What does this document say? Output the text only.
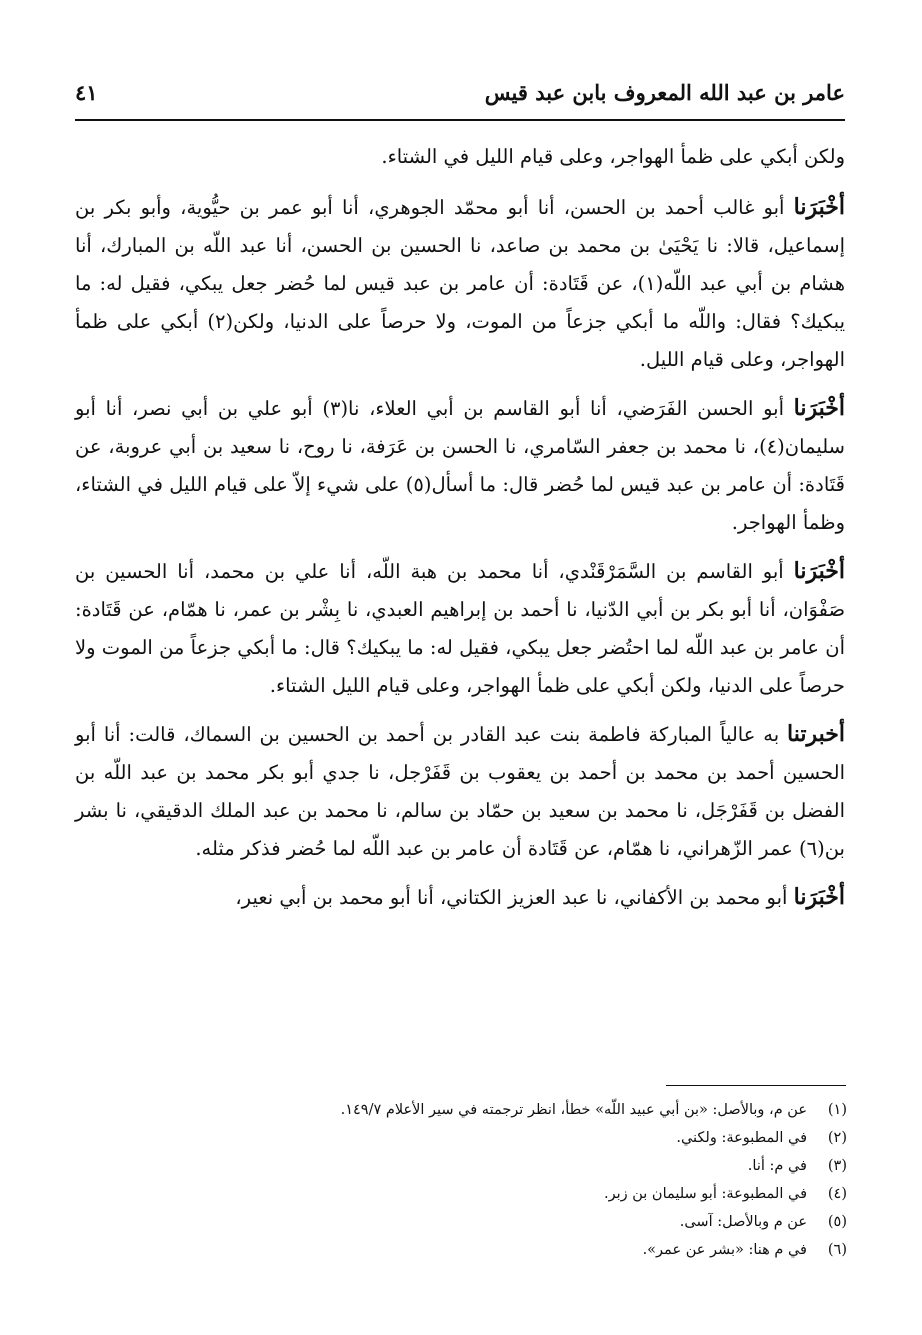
عامر بن عبد الله المعروف بابن عبد قيس
٤١

ولكن أبكي على ظمأ الهواجر، وعلى قيام الليل في الشتاء.

أخْبَرَنا أبو غالب أحمد بن الحسن، أنا أبو محمّد الجوهري، أنا أبو عمر بن حيُّوية، وأبو بكر بن إسماعيل، قالا: نا يَحْيَىٰ بن محمد بن صاعد، نا الحسين بن الحسن، أنا عبد اللّه بن المبارك، أنا هشام بن أبي عبد اللّه(١)، عن قَتَادة: أن عامر بن عبد قيس لما حُضر جعل يبكي، فقيل له: ما يبكيك؟ فقال: واللّه ما أبكي جزعاً من الموت، ولا حرصاً على الدنيا، ولكن(٢) أبكي على ظمأ الهواجر، وعلى قيام الليل.

أخْبَرَنا أبو الحسن الفَرَضي، أنا أبو القاسم بن أبي العلاء، نا(٣) أبو علي بن أبي نصر، أنا أبو سليمان(٤)، نا محمد بن جعفر السّامري، نا الحسن بن عَرَفة، نا روح، نا سعيد بن أبي عروبة، عن قَتَادة: أن عامر بن عبد قيس لما حُضر قال: ما أسأل(٥) على شيء إلاّ على قيام الليل في الشتاء، وظمأ الهواجر.

أخْبَرَنا أبو القاسم بن السَّمَرْقَنْدي، أنا محمد بن هبة اللّه، أنا علي بن محمد، أنا الحسين بن صَفْوَان، أنا أبو بكر بن أبي الدّنيا، نا أحمد بن إبراهيم العبدي، نا بِشْر بن عمر، نا همّام، عن قَتَادة: أن عامر بن عبد اللّه لما احتُضر جعل يبكي، فقيل له: ما يبكيك؟ قال: ما أبكي جزعاً من الموت ولا حرصاً على الدنيا، ولكن أبكي على ظمأ الهواجر، وعلى قيام الليل الشتاء.

أخبرتنا به عالياً المباركة فاطمة بنت عبد القادر بن أحمد بن الحسين بن السماك، قالت: أنا أبو الحسين أحمد بن محمد بن أحمد بن يعقوب بن قَفَرْجل، نا جدي أبو بكر محمد بن عبد اللّه بن الفضل بن قَفَرْجَل، نا محمد بن سعيد بن حمّاد بن سالم، نا محمد بن عبد الملك الدقيقي، نا بشر بن(٦) عمر الزّهراني، نا همّام، عن قَتَادة أن عامر بن عبد اللّه لما حُضر فذكر مثله.

أخْبَرَنا أبو محمد بن الأكفاني، نا عبد العزيز الكتاني، أنا أبو محمد بن أبي نعير،

(١)
عن م، وبالأصل: «بن أبي عبيد اللّه» خطأ، انظر ترجمته في سير الأعلام ١٤٩/٧.
(٢)
في المطبوعة: ولكني.
(٣)
في م: أنا.
(٤)
في المطبوعة: أبو سليمان بن زبر.
(٥)
عن م وبالأصل: آسى.
(٦)
في م هنا: «بشر عن عمر».
